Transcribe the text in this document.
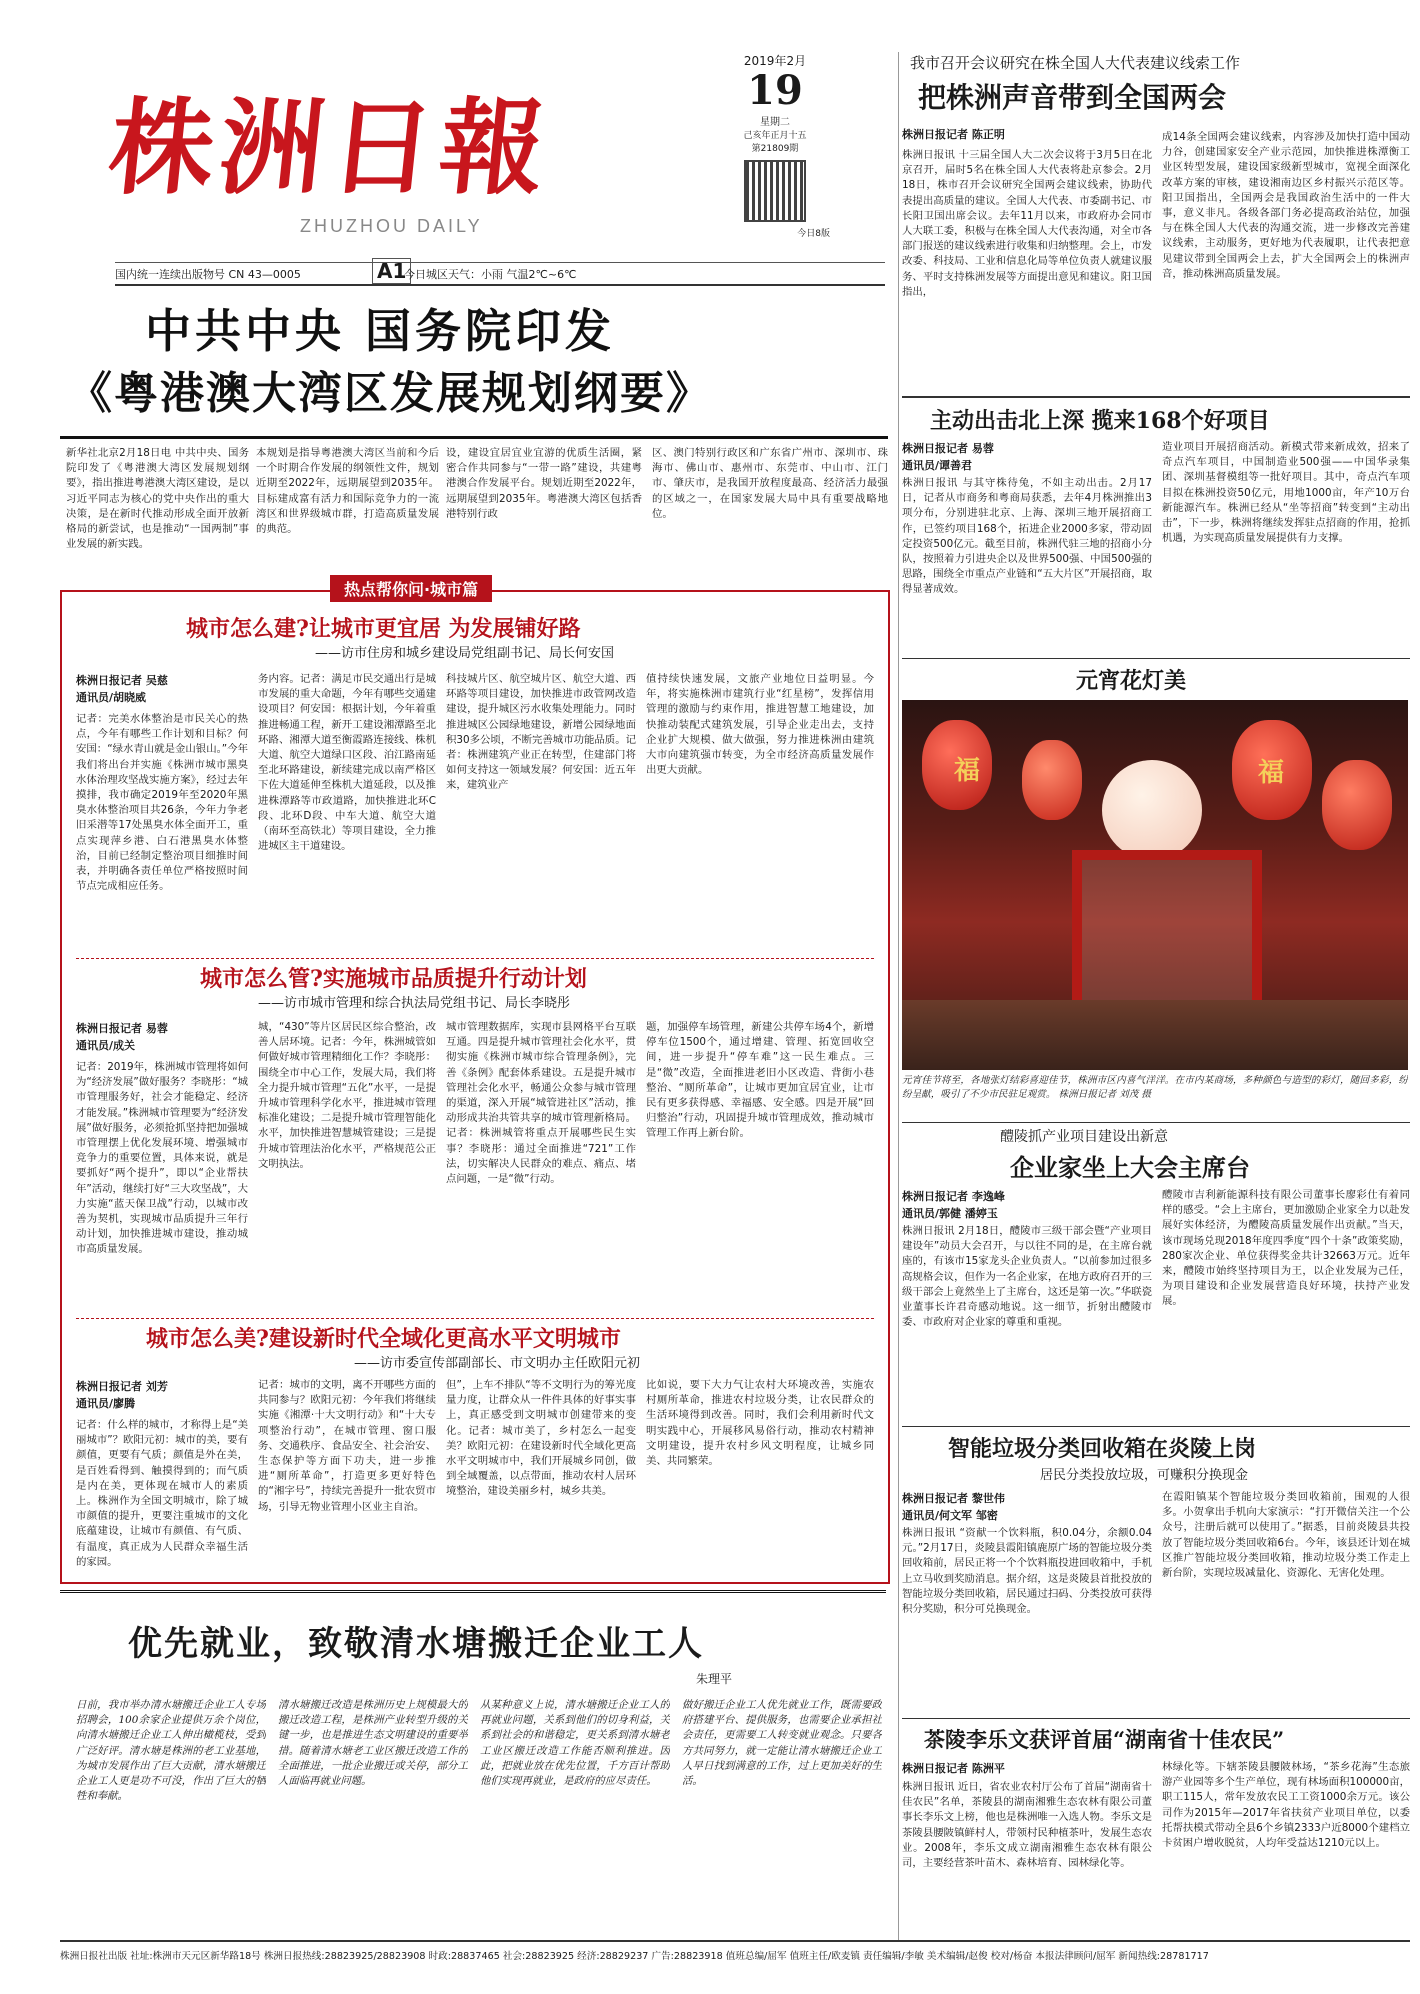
株洲日報
ZHUZHOU DAILY
2019年2月
19
星期二
己亥年正月十五
第21809期
今日8版
国内统一连续出版物号 CN 43—0005	A1
今日城区天气：小雨 气温2℃~6℃
中共中央 国务院印发
《粤港澳大湾区发展规划纲要》
新华社北京2月18日电 中共中央、国务院印发了《粤港澳大湾区发展规划纲要》，指出推进粤港澳大湾区建设，是以习近平同志为核心的党中央作出的重大决策，是在新时代推动形成全面开放新格局的新尝试，也是推动“一国两制”事业发展的新实践。
本规划是指导粤港澳大湾区当前和今后一个时期合作发展的纲领性文件，规划近期至2022年，远期展望到2035年。目标建成富有活力和国际竞争力的一流湾区和世界级城市群，打造高质量发展的典范。
设，建设宜居宜业宜游的优质生活圈，紧密合作共同参与“一带一路”建设，共建粤港澳合作发展平台。规划近期至2022年，远期展望到2035年。粤港澳大湾区包括香港特别行政
区、澳门特别行政区和广东省广州市、深圳市、珠海市、佛山市、惠州市、东莞市、中山市、江门市、肇庆市，是我国开放程度最高、经济活力最强的区域之一，在国家发展大局中具有重要战略地位。
热点帮你问·城市篇
城市怎么建?让城市更宜居 为发展铺好路
——访市住房和城乡建设局党组副书记、局长何安国
株洲日报记者 吴慈
通讯员/胡晓威
记者：完美水体整治是市民关心的热点，今年有哪些工作计划和目标？何安国：“绿水青山就是金山银山。”今年我们将出台并实施《株洲市城市黑臭水体治理攻坚战实施方案》，经过去年摸排，我市确定2019年至2020年黑臭水体整治项目共26条，今年力争老旧采潜等17处黑臭水体全面开工，重点实现萍乡港、白石港黑臭水体整治，目前已经制定整治项目细推时间表，并明确各责任单位严格按照时间节点完成相应任务。
务内容。记者：满足市民交通出行是城市发展的重大命题，今年有哪些交通建设项目？何安国：根据计划，今年着重推进畅通工程，新开工建设湘潭路至北环路、湘潭大道至衡霞路连接线、株机大道、航空大道绿口区段、泊江路南延至北环路建设，新续建完成以南严格区下佐大道延伸至株机大道延段，以及推进株潭路等市政道路，加快推进北环C段、北环D段、中车大道、航空大道（南环至高铁北）等项目建设，全力推进城区主干道建设。
科技城片区、航空城片区、航空大道、西环路等项目建设，加快推进市政管网改造建设，提升城区污水收集处理能力。同时推进城区公园绿地建设，新增公园绿地面积30多公顷，不断完善城市功能品质。记者：株洲建筑产业正在转型，住建部门将如何支持这一领域发展？何安国：近五年来，建筑业产
值持续快速发展，文旅产业地位日益明显。今年，将实施株洲市建筑行业“红星榜”，发挥信用管理的激励与约束作用，推进智慧工地建设，加快推动装配式建筑发展，引导企业走出去，支持企业扩大规模、做大做强，努力推进株洲由建筑大市向建筑强市转变，为全市经济高质量发展作出更大贡献。
城市怎么管?实施城市品质提升行动计划
——访市城市管理和综合执法局党组书记、局长李晓彤
株洲日报记者 易蓉
通讯员/成关
记者：2019年，株洲城市管理将如何为“经济发展”做好服务？李晓彤：“城市管理服务好，社会才能稳定、经济才能发展。”株洲城市管理要为“经济发展”做好服务，必须抢抓坚持把加强城市管理摆上优化发展环境、增强城市竞争力的重要位置，具体来说，就是要抓好“两个提升”，即以“企业帮扶年”活动，继续打好“三大攻坚战”，大力实施“蓝天保卫战”行动，以城市改善为契机，实现城市品质提升三年行动计划，加快推进城市建设，推动城市高质量发展。
城，“430”等片区居民区综合整治，改善人居环境。记者：今年，株洲城管如何做好城市管理精细化工作？李晓彤：围绕全市中心工作，发展大局，我们将全力提升城市管理“五化”水平，一是提升城市管理科学化水平，推进城市管理标准化建设；二是提升城市管理智能化水平，加快推进智慧城管建设；三是提升城市管理法治化水平，严格规范公正文明执法。
城市管理数据库，实现市县网格平台互联互通。四是提升城市管理社会化水平，贯彻实施《株洲市城市综合管理条例》，完善《条例》配套体系建设。五是提升城市管理社会化水平，畅通公众参与城市管理的渠道，深入开展“城管进社区”活动，推动形成共治共管共享的城市管理新格局。记者：株洲城管将重点开展哪些民生实事？李晓彤：通过全面推进“721”工作法，切实解决人民群众的难点、痛点、堵点问题，一是“微”行动。
题，加强停车场管理，新建公共停车场4个，新增停车位1500个，通过增建、管理、拓宽回收空间，进一步提升“停车难”这一民生难点。三是“微”改造，全面推进老旧小区改造、背街小巷整治、“厕所革命”，让城市更加宜居宜业，让市民有更多获得感、幸福感、安全感。四是开展“回归整治”行动，巩固提升城市管理成效，推动城市管理工作再上新台阶。
城市怎么美?建设新时代全域化更高水平文明城市
——访市委宣传部副部长、市文明办主任欧阳元初
株洲日报记者 刘芳
通讯员/廖腾
记者：什么样的城市，才称得上是“美丽城市”？欧阳元初：城市的美，要有颜值，更要有气质；颜值是外在美，是百姓看得到、触摸得到的；而气质是内在美，更体现在城市人的素质上。株洲作为全国文明城市，除了城市颜值的提升，更要注重城市的文化底蕴建设，让城市有颜值、有气质、有温度，真正成为人民群众幸福生活的家园。
记者：城市的文明，离不开哪些方面的共同参与？欧阳元初：今年我们将继续实施《湘潭·十大文明行动》和“十大专项整治行动”，在城市管理、窗口服务、交通秩序、食品安全、社会治安、生态保护等方面下功夫，进一步推进“厕所革命”，打造更多更好特色的“湘字号”，持续完善提升一批农贸市场，引导无物业管理小区业主自治。
但”，上车不排队“等不文明行为的筹光度量力度，让群众从一件件具体的好事实事上，真正感受到文明城市创建带来的变化。记者：城市美了，乡村怎么一起变美？欧阳元初：在建设新时代全域化更高水平文明城市中，我们开展城乡同创，做到全域覆盖，以点带面，推动农村人居环境整治，建设美丽乡村，城乡共美。
比如说，要下大力气让农村大环境改善，实施农村厕所革命，推进农村垃圾分类，让农民群众的生活环境得到改善。同时，我们会利用新时代文明实践中心，开展移风易俗行动，推动农村精神文明建设，提升农村乡风文明程度，让城乡同美、共同繁荣。
优先就业，致敬清水塘搬迁企业工人
朱理平
日前，我市举办清水塘搬迁企业工人专场招聘会，100余家企业提供万余个岗位，向清水塘搬迁企业工人伸出橄榄枝，受到广泛好评。清水塘是株洲的老工业基地，为城市发展作出了巨大贡献，清水塘搬迁企业工人更是功不可没，作出了巨大的牺牲和奉献。
清水塘搬迁改造是株洲历史上规模最大的搬迁改造工程，是株洲产业转型升级的关键一步，也是推进生态文明建设的重要举措。随着清水塘老工业区搬迁改造工作的全面推进，一批企业搬迁或关停，部分工人面临再就业问题。
从某种意义上说，清水塘搬迁企业工人的再就业问题，关系到他们的切身利益，关系到社会的和谐稳定，更关系到清水塘老工业区搬迁改造工作能否顺利推进。因此，把就业放在优先位置，千方百计帮助他们实现再就业，是政府的应尽责任。
做好搬迁企业工人优先就业工作，既需要政府搭建平台、提供服务，也需要企业承担社会责任，更需要工人转变就业观念。只要各方共同努力，就一定能让清水塘搬迁企业工人早日找到满意的工作，过上更加美好的生活。
我市召开会议研究在株全国人大代表建议线索工作
把株洲声音带到全国两会
株洲日报记者 陈正明
株洲日报讯 十三届全国人大二次会议将于3月5日在北京召开，届时5名在株全国人大代表将赴京参会。2月18日，株市召开会议研究全国两会建议线索，协助代表提出高质量的建议。全国人大代表、市委副书记、市长阳卫国出席会议。去年11月以来，市政府办会同市人大联工委，积极与在株全国人大代表沟通，对全市各部门报送的建议线索进行收集和归纳整理。会上，市发改委、科技局、工业和信息化局等单位负责人就建议服务、平时支持株洲发展等方面提出意见和建议。阳卫国指出，
成14条全国两会建议线索，内容涉及加快打造中国动力谷，创建国家安全产业示范园，加快推进株潭衡工业区转型发展，建设国家级新型城市，宽视全面深化改革方案的审核，建设湘南边区乡村振兴示范区等。阳卫国指出，全国两会是我国政治生活中的一件大事，意义非凡。各级各部门务必提高政治站位，加强与在株全国人大代表的沟通交流，进一步修改完善建议线索，主动服务，更好地为代表履职，让代表把意见建议带到全国两会上去，扩大全国两会上的株洲声音，推动株洲高质量发展。
主动出击北上深 揽来168个好项目
株洲日报记者 易蓉
通讯员/谭善君
株洲日报讯 与其守株待兔，不如主动出击。2月17日，记者从市商务和粤商局获悉，去年4月株洲推出3项分布，分别进驻北京、上海、深圳三地开展招商工作，已签约项目168个，拓进企业2000多家，带动固定投资500亿元。截至目前，株洲代驻三地的招商小分队，按照着力引进央企以及世界500强、中国500强的思路，围绕全市重点产业链和“五大片区”开展招商，取得显著成效。
造业项目开展招商活动。新模式带来新成效，招来了奇点汽车项目，中国制造业500强——中国华录集团、深圳基督模组等一批好项目。其中，奇点汽车项目拟在株洲投资50亿元，用地1000亩，年产10万台新能源汽车。株洲已经从“坐等招商”转变到“主动出击”，下一步，株洲将继续发挥驻点招商的作用，抢抓机遇，为实现高质量发展提供有力支撑。
元宵花灯美
福	福
元宵佳节将至，各地张灯结彩喜迎佳节，株洲市区内喜气洋洋。在市内某商场，多种颜色与造型的彩灯，随回多彩，纷纷呈献，吸引了不少市民驻足观赏。 株洲日报记者 刘茂 摄
醴陵抓产业项目建设出新意
企业家坐上大会主席台
株洲日报记者 李逸峰
通讯员/郭健 潘婷玉
株洲日报讯 2月18日，醴陵市三级干部会暨“产业项目建设年”动员大会召开，与以往不同的是，在主席台就座的，有该市15家龙头企业负责人。“以前参加过很多高规格会议，但作为一名企业家，在地方政府召开的三级干部会上竟然坐上了主席台，这还是第一次。”华联瓷业董事长许君奇感动地说。这一细节，折射出醴陵市委、市政府对企业家的尊重和重视。
醴陵市吉利新能源科技有限公司董事长廖彩仕有着同样的感受。“会上主席台，更加激励企业家全力以赴发展好实体经济，为醴陵高质量发展作出贡献。”当天，该市现场兑现2018年度四季度“四个十条”政策奖励，280家次企业、单位获得奖金共计32663万元。近年来，醴陵市始终坚持项目为王，以企业发展为己任，为项目建设和企业发展营造良好环境，扶持产业发展。
智能垃圾分类回收箱在炎陵上岗
居民分类投放垃圾，可赚积分换现金
株洲日报记者 黎世伟
通讯员/何文军 邹密
株洲日报讯 “资献一个饮料瓶，积0.04分，余额0.04元。”2月17日，炎陵县霞阳镇鹿原广场的智能垃圾分类回收箱前，居民正将一个个饮料瓶投进回收箱中，手机上立马收到奖励消息。据介绍，这是炎陵县首批投放的智能垃圾分类回收箱，居民通过扫码、分类投放可获得积分奖励，积分可兑换现金。
在霞阳镇某个智能垃圾分类回收箱前，围观的人很多。小贺拿出手机向大家演示：“打开微信关注一个公众号，注册后就可以使用了。”据悉，目前炎陵县共投放了智能垃圾分类回收箱6台。今年，该县还计划在城区推广智能垃圾分类回收箱，推动垃圾分类工作走上新台阶，实现垃圾减量化、资源化、无害化处理。
茶陵李乐文获评首届“湖南省十佳农民”
株洲日报记者 陈洲平
株洲日报讯 近日，省农业农村厅公布了首届“湖南省十佳农民”名单，茶陵县的湖南湘雅生态农林有限公司董事长李乐文上榜，他也是株洲唯一入选人物。李乐文是茶陵县腰陂镇鲜村人，带领村民种植茶叶，发展生态农业。2008年，李乐文成立湖南湘雅生态农林有限公司，主要经营茶叶苗木、森林培育、园林绿化等。
林绿化等。下辖茶陵县腰陂林场，“茶乡花海”生态旅游产业园等多个生产单位，现有林场面积100000亩，职工115人，常年发放农民工工资1000余万元。该公司作为2015年—2017年省扶贫产业项目单位，以委托帮扶模式带动全县6个乡镇2333户近8000个建档立卡贫困户增收脱贫，人均年受益达1210元以上。
株洲日报社出版 社址:株洲市天元区新华路18号 株洲日报热线:28823925/28823908 时政:28837465 社会:28823925 经济:28829237 广告:28823918 值班总编/屈军 值班主任/欧麦镇 责任编辑/李敏 美术编辑/赵俊 校对/杨奋 本报法律顾问/屈军 新闻热线:28781717
